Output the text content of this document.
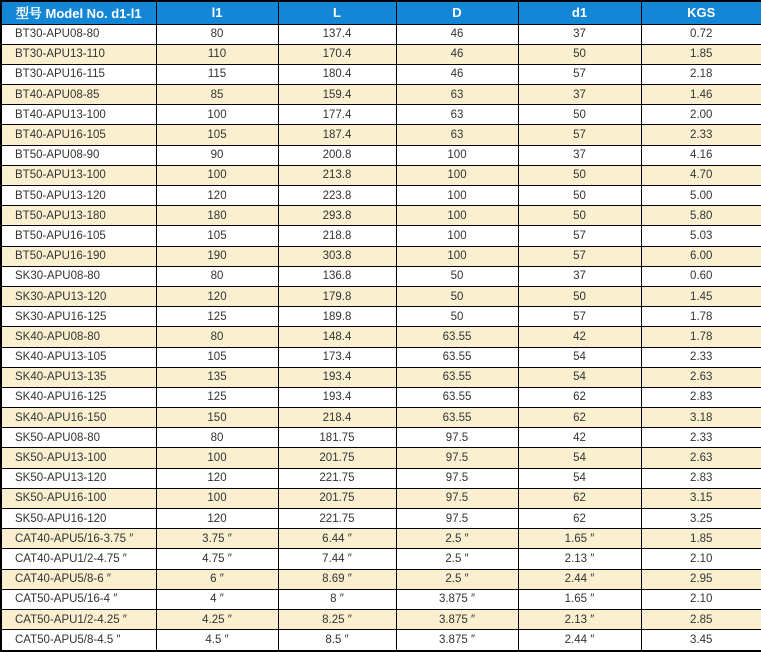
型号 Model No. d1-l1	l1	L	D	d1	KGS
BT30-APU08-80	80	137.4	46	37	0.72
BT30-APU13-110	110	170.4	46	50	1.85
BT30-APU16-115	115	180.4	46	57	2.18
BT40-APU08-85	85	159.4	63	37	1.46
BT40-APU13-100	100	177.4	63	50	2.00
BT40-APU16-105	105	187.4	63	57	2.33
BT50-APU08-90	90	200.8	100	37	4.16
BT50-APU13-100	100	213.8	100	50	4.70
BT50-APU13-120	120	223.8	100	50	5.00
BT50-APU13-180	180	293.8	100	50	5.80
BT50-APU16-105	105	218.8	100	57	5.03
BT50-APU16-190	190	303.8	100	57	6.00
SK30-APU08-80	80	136.8	50	37	0.60
SK30-APU13-120	120	179.8	50	50	1.45
SK30-APU16-125	125	189.8	50	57	1.78
SK40-APU08-80	80	148.4	63.55	42	1.78
SK40-APU13-105	105	173.4	63.55	54	2.33
SK40-APU13-135	135	193.4	63.55	54	2.63
SK40-APU16-125	125	193.4	63.55	62	2.83
SK40-APU16-150	150	218.4	63.55	62	3.18
SK50-APU08-80	80	181.75	97.5	42	2.33
SK50-APU13-100	100	201.75	97.5	54	2.63
SK50-APU13-120	120	221.75	97.5	54	2.83
SK50-APU16-100	100	201.75	97.5	62	3.15
SK50-APU16-120	120	221.75	97.5	62	3.25
CAT40-APU5/16-3.75 ″	3.75 ″	6.44 ″	2.5 ″	1.65 ″	1.85
CAT40-APU1/2-4.75 ″	4.75 ″	7.44 ″	2.5 ″	2.13 ″	2.10
CAT40-APU5/8-6 ″	6 ″	8.69 ″	2.5 ″	2.44 ″	2.95
CAT50-APU5/16-4 ″	4 ″	8 ″	3.875 ″	1.65 ″	2.10
CAT50-APU1/2-4.25 ″	4.25 ″	8.25 ″	3.875 ″	2.13 ″	2.85
CAT50-APU5/8-4.5 ″	4.5 ″	8.5 ″	3.875 ″	2.44 ″	3.45
